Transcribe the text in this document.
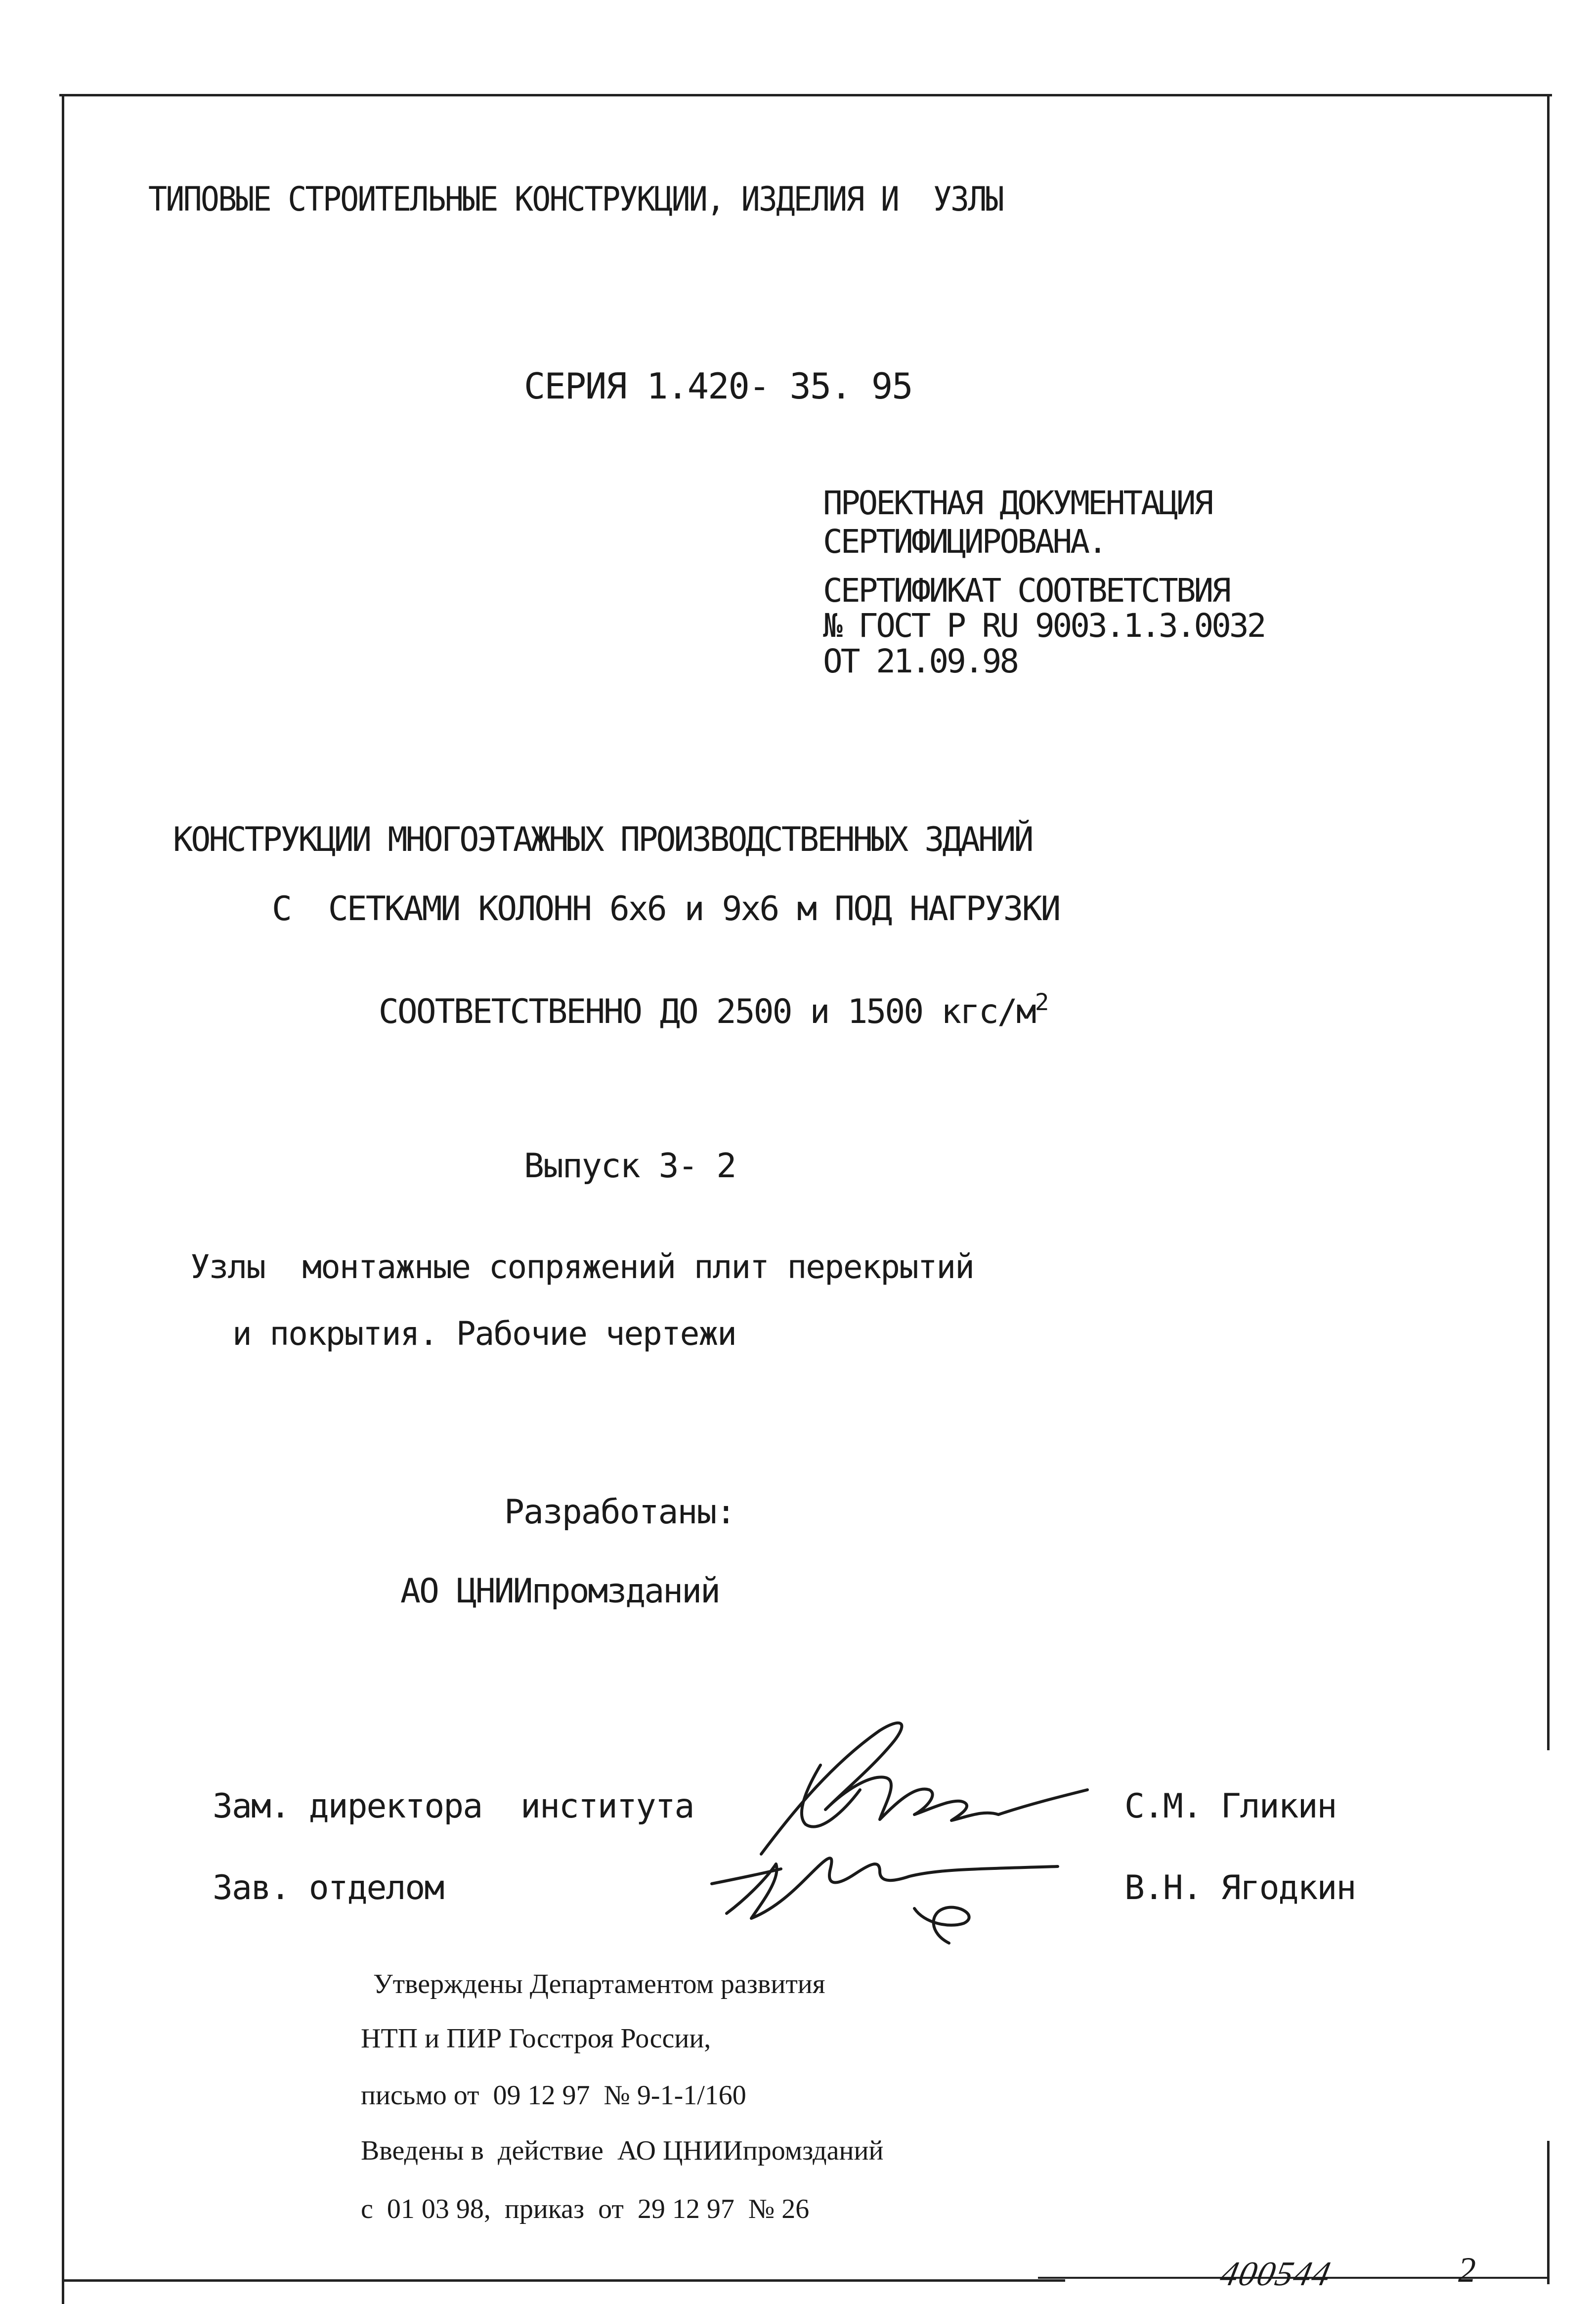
ТИПОВЫЕ СТРОИТЕЛЬНЫЕ КОНСТРУКЦИИ, ИЗДЕЛИЯ И  УЗЛЫ
СЕРИЯ 1.420- 35. 95
ПРОЕКТНАЯ ДОКУМЕНТАЦИЯ
СЕРТИФИЦИРОВАНА.
СЕРТИФИКАТ СООТВЕТСТВИЯ
№ ГОСТ Р RU 9003.1.3.0032
ОТ 21.09.98
КОНСТРУКЦИИ МНОГОЭТАЖНЫХ ПРОИЗВОДСТВЕННЫХ ЗДАНИЙ
С  СЕТКАМИ КОЛОНН 6х6 и 9х6 м ПОД НАГРУЗКИ

СООТВЕТСТВЕННО ДО 2500 и 1500 кгс/$м^2$

Выпуск 3- 2
Узлы  монтажные сопряжений плит перекрытий
и покрытия. Рабочие чертежи
Разработаны:
АО ЦНИИпромзданий
Зам. директора  института	С.М. Гликин
Зав. отделом	В.Н. Ягодкин
Утверждены Департаментом развития
НТП и ПИР Госстроя России,
письмо от  09 12 97  № 9-1-1/160
Введены в  действие  АО ЦНИИпромзданий
с  01 03 98,  приказ  от  29 12 97  № 26
400544	2
